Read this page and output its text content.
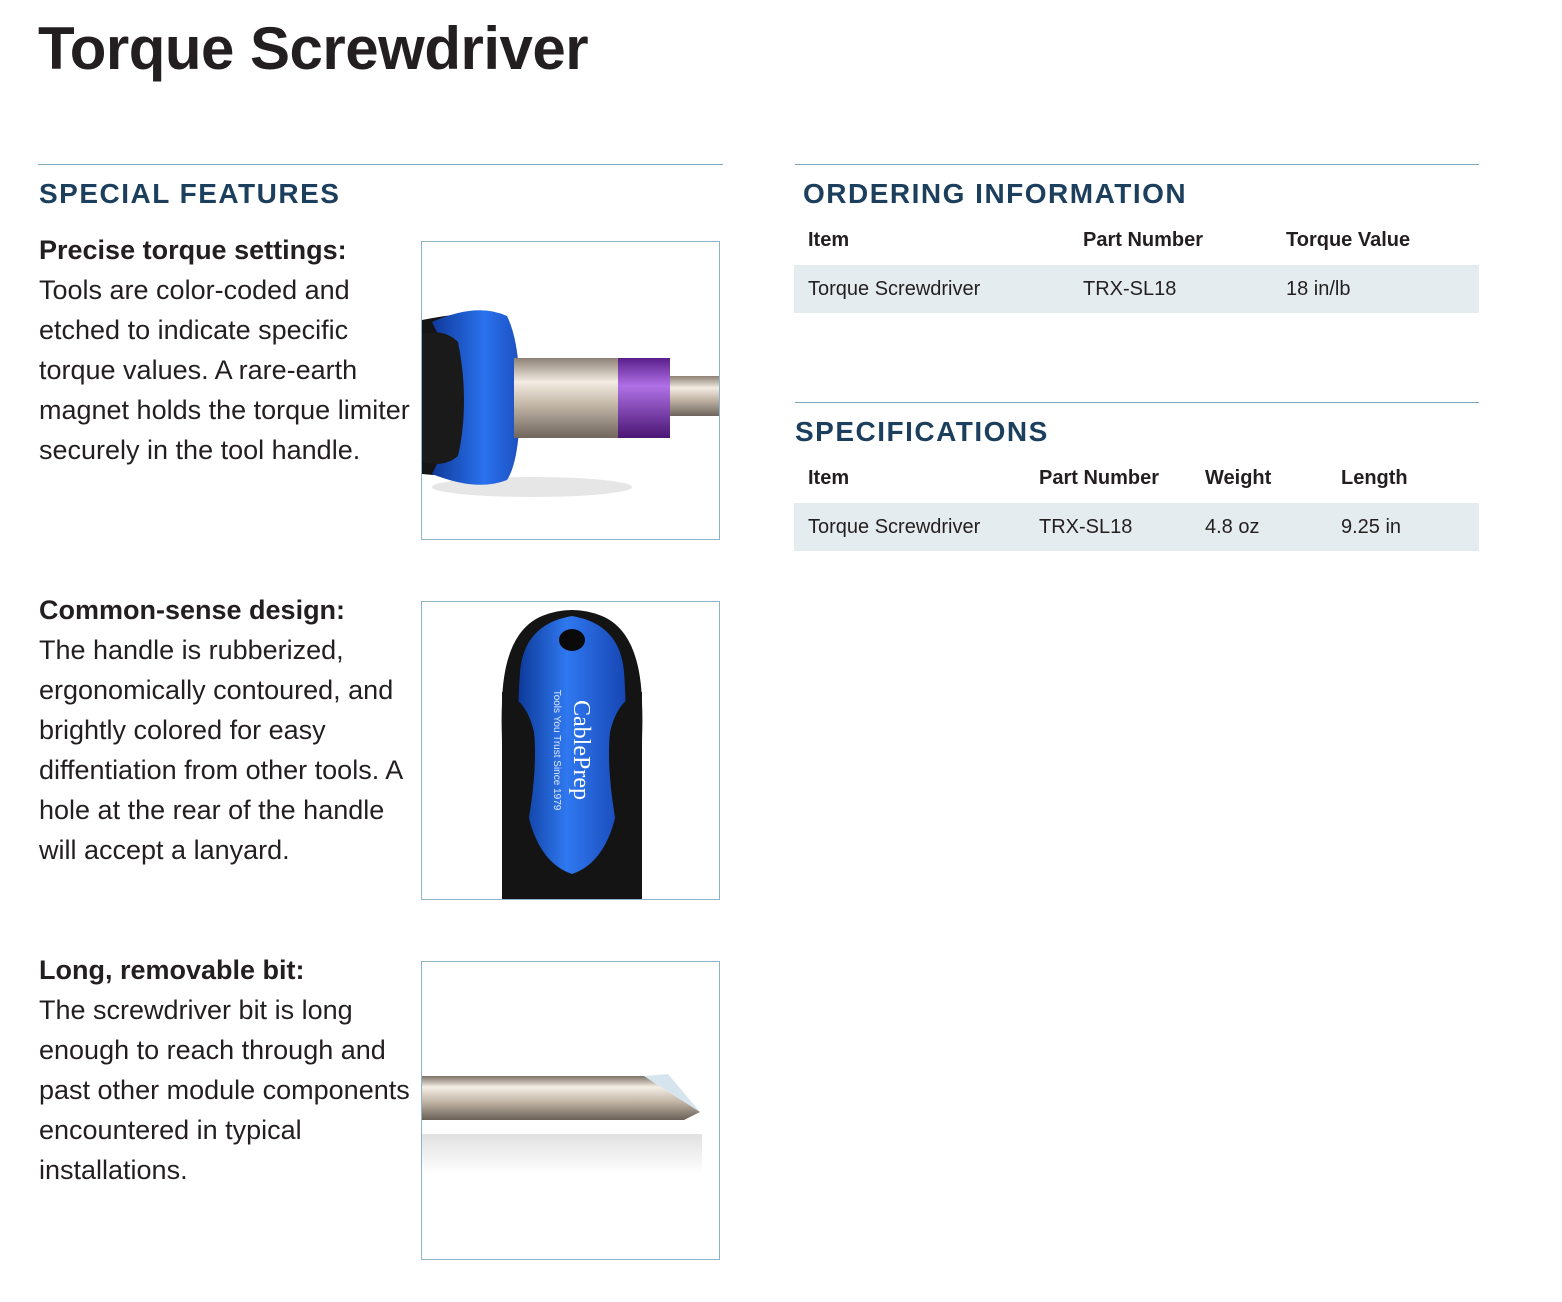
Torque Screwdriver
SPECIAL FEATURES
Precise torque settings:
Tools are color-coded and etched to indicate specific torque values. A rare-earth magnet holds the torque limiter securely in the tool handle.
Common-sense design:
The handle is rubberized, ergonomically contoured, and brightly colored for easy diffentiation from other tools. A hole at the rear of the handle will accept a lanyard.
CablePrep
Tools You Trust Since 1979
Long, removable bit:
The screwdriver bit is long enough to reach through and past other module components encountered in typical installations.
ORDERING INFORMATION
Item	Part Number	Torque Value
Torque Screwdriver	TRX-SL18	18 in/lb
SPECIFICATIONS
Item	Part Number	Weight	Length
Torque Screwdriver	TRX-SL18	4.8 oz	9.25 in
